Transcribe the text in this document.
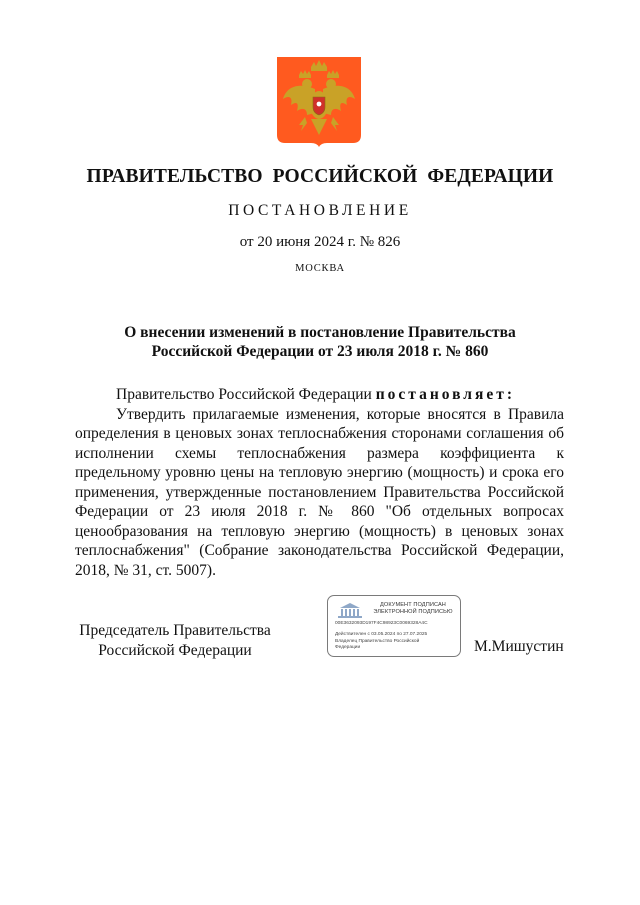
ПРАВИТЕЛЬСТВО РОССИЙСКОЙ ФЕДЕРАЦИИ
ПОСТАНОВЛЕНИЕ
от 20 июня 2024 г. № 826
МОСКВА
О внесении изменений в постановление Правительства
Российской Федерации от 23 июля 2018 г. № 860

Правительство Российской Федерации постановляет:

Утвердить прилагаемые изменения, которые вносятся в Правила определения в ценовых зонах теплоснабжения сторонами соглашения об исполнении схемы теплоснабжения размера коэффициента к предельному уровню цены на тепловую энергию (мощность) и срока его применения, утвержденные постановлением Правительства Российской Федерации от 23 июля 2018 г. № 860 "Об отдельных вопросах ценообразования на тепловую энергию (мощность) в ценовых зонах теплоснабжения" (Собрание законодательства Российской Федерации, 2018, № 31, ст. 5007).

Председатель Правительства
Российской Федерации
ДОКУМЕНТ ПОДПИСАН
ЭЛЕКТРОННОЙ ПОДПИСЬЮ
00E3632093D197F4C98923C0069328A4C
Действителен с 03.05.2024 по 27.07.2025
Владелец Правительство Российской
Федерации	М.Мишустин
